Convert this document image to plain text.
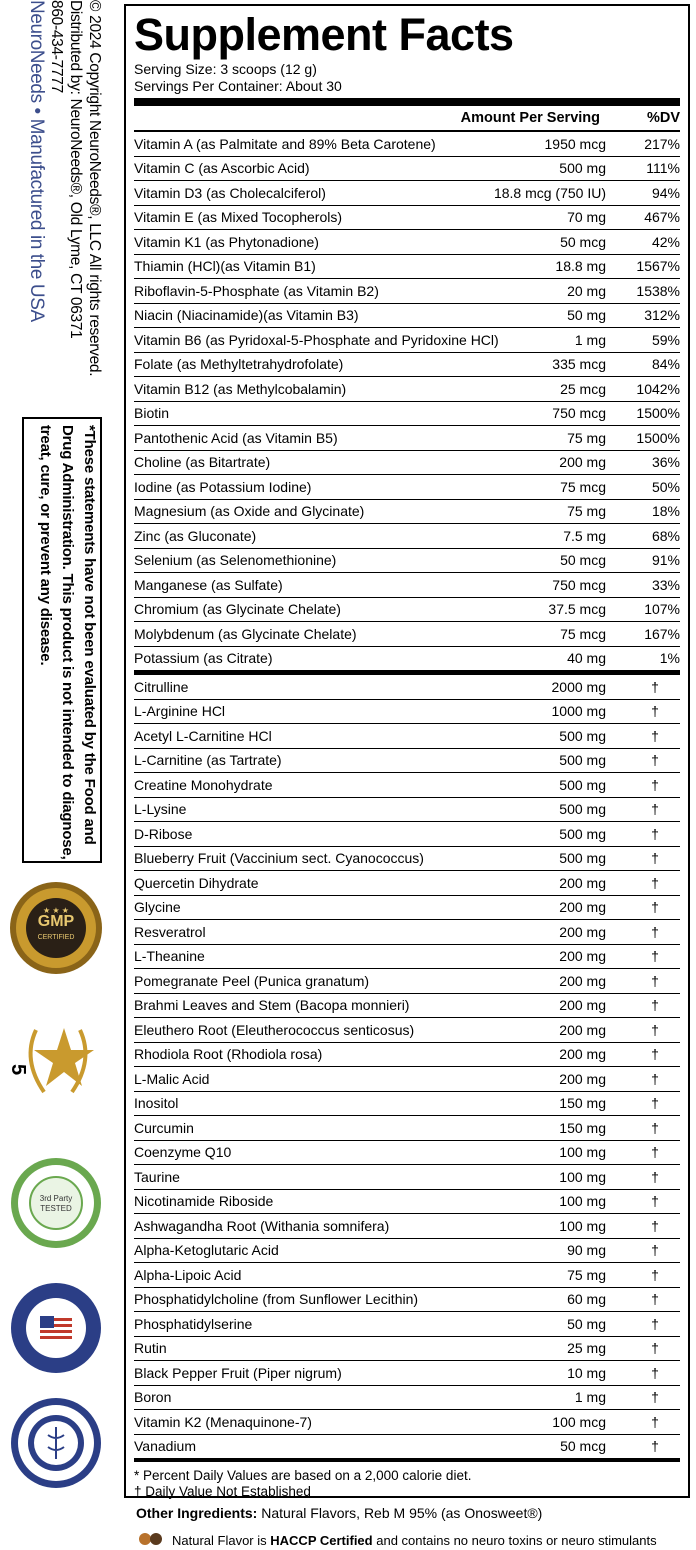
© 2024 Copyright NeuroNeeds®, LLC All rights reserved.
Distributed by: NeuroNeeds®, Old Lyme, CT 06371
860-434-7777
NeuroNeeds • Manufactured in the USA
*These statements have not been evaluated by the Food and Drug Administration. This product is not intended to diagnose, treat, cure, or prevent any disease.
GMP
CERTIFIED
★ ★ ★
5
3rd Party
TESTED
Supplement Facts
Serving Size: 3 scoops (12 g)
Servings Per Container: About 30
Amount Per Serving	%DV
Vitamin A (as Palmitate and 89% Beta Carotene)	1950 mcg	217%
Vitamin C (as Ascorbic Acid)	500 mg	111%
Vitamin D3 (as Cholecalciferol)	18.8 mcg (750 IU)	94%
Vitamin E (as Mixed Tocopherols)	70 mg	467%
Vitamin K1 (as Phytonadione)	50 mcg	42%
Thiamin (HCl)(as Vitamin B1)	18.8 mg	1567%
Riboflavin-5-Phosphate (as Vitamin B2)	20 mg	1538%
Niacin (Niacinamide)(as Vitamin B3)	50 mg	312%
Vitamin B6 (as Pyridoxal-5-Phosphate and Pyridoxine HCl)	1 mg	59%
Folate (as Methyltetrahydrofolate)	335 mcg	84%
Vitamin B12 (as Methylcobalamin)	25 mcg	1042%
Biotin	750 mcg	1500%
Pantothenic Acid (as Vitamin B5)	75 mg	1500%
Choline (as Bitartrate)	200 mg	36%
Iodine (as Potassium Iodine)	75 mcg	50%
Magnesium (as Oxide and Glycinate)	75 mg	18%
Zinc (as Gluconate)	7.5 mg	68%
Selenium (as Selenomethionine)	50 mcg	91%
Manganese (as Sulfate)	750 mcg	33%
Chromium (as Glycinate Chelate)	37.5 mcg	107%
Molybdenum (as Glycinate Chelate)	75 mcg	167%
Potassium (as Citrate)	40 mg	1%
Citrulline	2000 mg	†
L-Arginine HCl	1000 mg	†
Acetyl L-Carnitine HCl	500 mg	†
L-Carnitine (as Tartrate)	500 mg	†
Creatine Monohydrate	500 mg	†
L-Lysine	500 mg	†
D-Ribose	500 mg	†
Blueberry Fruit (Vaccinium sect. Cyanococcus)	500 mg	†
Quercetin Dihydrate	200 mg	†
Glycine	200 mg	†
Resveratrol	200 mg	†
L-Theanine	200 mg	†
Pomegranate Peel (Punica granatum)	200 mg	†
Brahmi Leaves and Stem (Bacopa monnieri)	200 mg	†
Eleuthero Root (Eleutherococcus senticosus)	200 mg	†
Rhodiola Root (Rhodiola rosa)	200 mg	†
L-Malic Acid	200 mg	†
Inositol	150 mg	†
Curcumin	150 mg	†
Coenzyme Q10	100 mg	†
Taurine	100 mg	†
Nicotinamide Riboside	100 mg	†
Ashwagandha Root (Withania somnifera)	100 mg	†
Alpha-Ketoglutaric Acid	90 mg	†
Alpha-Lipoic Acid	75 mg	†
Phosphatidylcholine (from Sunflower Lecithin)	60 mg	†
Phosphatidylserine	50 mg	†
Rutin	25 mg	†
Black Pepper Fruit (Piper nigrum)	10 mg	†
Boron	1 mg	†
Vitamin K2 (Menaquinone-7)	100 mcg	†
Vanadium	50 mcg	†
* Percent Daily Values are based on a 2,000 calorie diet.
† Daily Value Not Established
Other Ingredients: Natural Flavors, Reb M 95% (as Onosweet®)
Natural Flavor is HACCP Certified and contains no neuro toxins or neuro stimulants
